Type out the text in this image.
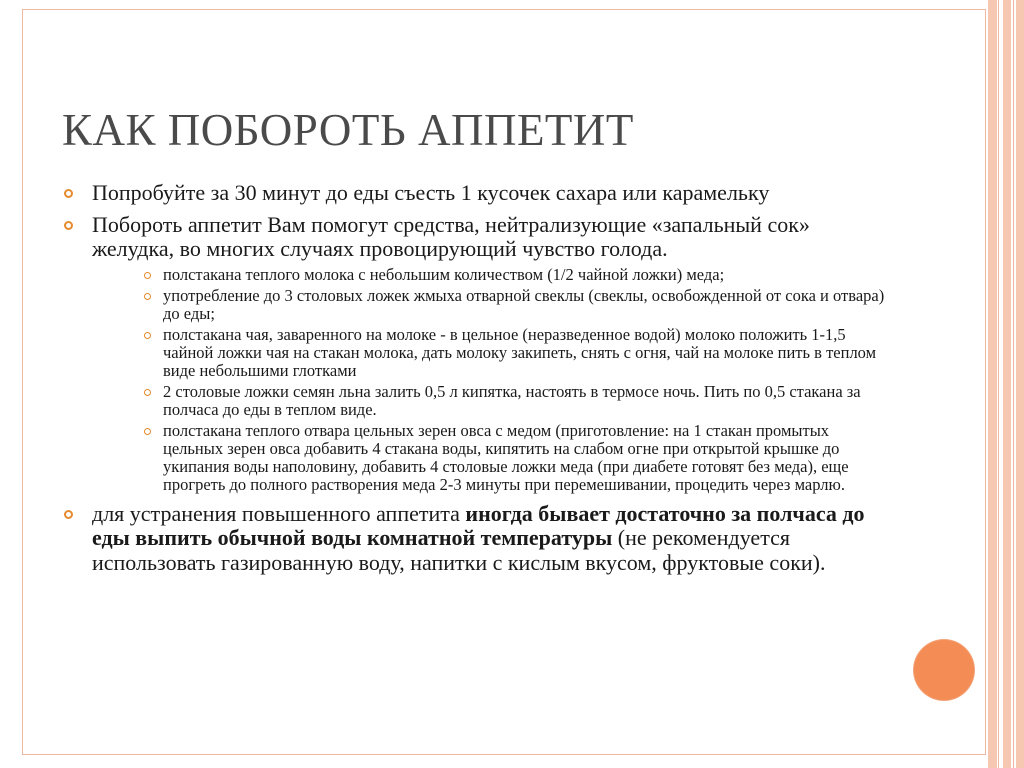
КАК ПОБОРОТЬ АППЕТИТ

Попробуйте за 30 минут до еды съесть 1 кусочек сахара или карамельку

Побороть аппетит Вам помогут средства, нейтрализующие «запальный сок» желудка, во многих случаях провоцирующий чувство голода.

полстакана теплого молока с небольшим количеством (1/2 чайной ложки) меда;

употребление до 3 столовых ложек жмыха отварной свеклы (свеклы, освобожденной от сока и отвара) до еды;

полстакана чая, заваренного на молоке - в цельное (неразведенное водой) молоко положить 1-1,5 чайной ложки чая на стакан молока, дать молоку закипеть, снять с огня, чай на молоке пить в теплом виде небольшими глотками

2 столовые ложки семян льна залить 0,5 л кипятка, настоять в термосе ночь. Пить по 0,5 стакана за полчаса до еды в теплом виде.

полстакана теплого отвара цельных зерен овса с медом (приготовление: на 1 стакан промытых цельных зерен овса добавить 4 стакана воды, кипятить на слабом огне при открытой крышке до укипания воды наполовину, добавить 4 столовые ложки меда (при диабете готовят без меда), еще прогреть до полного растворения меда 2-3 минуты при перемешивании, процедить через марлю.

для устранения повышенного аппетита иногда бывает достаточно за полчаса до еды выпить обычной воды комнатной температуры (не рекомендуется использовать газированную воду, напитки с кислым вкусом, фруктовые соки).
